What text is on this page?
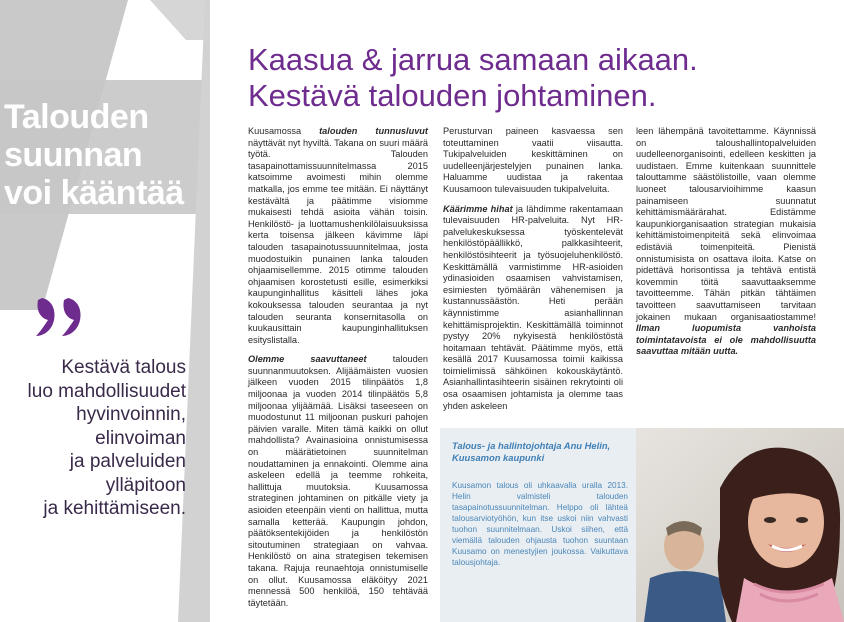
Talouden
suunnan
voi kääntää
Kestävä talous
luo mahdollisuudet
hyvinvoinnin,
elinvoiman
ja palveluiden
ylläpitoon
ja kehittämiseen.
Kaasua & jarrua samaan aikaan.
Kestävä talouden johtaminen.

Kuusamossa talouden tunnusluvut näyttävät nyt hyviltä. Takana on suuri määrä työtä. Talouden tasapainottamissuunnitelmassa 2015 katsoimme avoimesti mihin olemme matkalla, jos emme tee mitään. Ei näyttänyt kestävältä ja päätimme visiomme mukaisesti tehdä asioita vähän toisin. Henkilöstö- ja luottamushenkilölaisuuksissa kerta toisensa jälkeen kävimme läpi talouden tasapainotussuunnitelmaa, josta muodostuikin punainen lanka talouden ohjaamisellemme. 2015 otimme talouden ohjaamisen korostetusti esille, esimerkiksi kaupunginhallitus käsitteli lähes joka kokouksessa talouden seurantaa ja nyt talouden seuranta konsernitasolla on kuukausittain kaupunginhallituksen esityslistalla.

Olemme saavuttaneet talouden suunnanmuutoksen. Alijäämäisten vuosien jälkeen vuoden 2015 tilinpäätös 1,8 miljoonaa ja vuoden 2014 tilinpäätös 5,8 miljoonaa ylijäämää. Lisäksi taseeseen on muodostunut 11 miljoonan puskuri pahojen päivien varalle. Miten tämä kaikki on ollut mahdollista? Avainasioina onnistumisessa on määrätietoinen suunnitelman noudattaminen ja ennakointi. Olemme aina askeleen edellä ja teemme rohkeita, hallittuja muutoksia. Kuusamossa strateginen johtaminen on pitkälle viety ja asioiden eteenpäin vienti on hallittua, mutta samalla ketterää. Kaupungin johdon, päätöksentekijöiden ja henkilöstön sitoutuminen strategiaan on vahvaa. Henkilöstö on aina strategisen tekemisen takana. Rajuja reunaehtoja onnistumiselle on ollut. Kuusamossa eläköityy 2021 mennessä 500 henkilöä, 150 tehtävää täytetään.

Perusturvan paineen kasvaessa sen toteuttaminen vaatii viisautta. Tukipalveluiden keskittäminen on uudelleenjärjestelyjen punainen lanka. Haluamme uudistaa ja rakentaa Kuusamoon tulevaisuuden tukipalveluita.

Käärimme hihat ja lähdimme rakentamaan tulevaisuuden HR-palveluita. Nyt HR-palvelukeskuksessa työskentelevät henkilöstöpäällikkö, palkkasihteerit, henkilöstösihteerit ja työsuojeluhenkilöstö. Keskittämällä varmistimme HR-asioiden ydinasioiden osaamisen vahvistamisen, esimiesten työmäärän vähenemisen ja kustannussäästön. Heti perään käynnistimme asianhallinnan kehittämisprojektin. Keskittämällä toiminnot pystyy 20% nykyisestä henkilöstöstä hoitamaan tehtävät. Päätimme myös, että kesällä 2017 Kuusamossa toimii kaikissa toimielimissä sähköinen kokouskäytäntö. Asianhallintasihteerin sisäinen rekrytointi oli osa osaamisen johtamista ja olemme taas yhden askeleen

leen lähempänä tavoitettamme. Käynnissä on taloushallintopalveluiden uudelleenorganisointi, edelleen keskitten ja uudistaen. Emme kuitenkaan suunnittele talouttamme säästölistoille, vaan olemme luoneet talousarvioihimme kaasun painamiseen suunnatut kehittämismäärärahat. Edistämme kaupunkiorganisaation strategian mukaisia kehittämistoimenpiteitä sekä elinvoimaa edistäviä toimenpiteitä. Pienistä onnistumisista on osattava iloita. Katse on pidettävä horisontissa ja tehtävä entistä kovemmin töitä saavuttaaksemme tavoitteemme. Tähän pitkän tähtäimen tavoitteen saavuttamiseen tarvitaan jokainen mukaan organisaatiostamme! Ilman luopumista vanhoista toimintatavoista ei ole mahdollisuutta saavuttaa mitään uutta.

Talous- ja hallintojohtaja Anu Helin, Kuusamon kaupunki
Kuusamon talous oli uhkaavalla uralla 2013. Helin valmisteli talouden tasapainotussuunnitelman. Helppo oli lähteä talousarviotyöhön, kun itse uskoi niin vahvasti tuohon suunnitelmaan. Uskoi siihen, että viemällä talouden ohjausta tuohon suuntaan Kuusamo on menestyjien joukossa. Vaikuttava talousjohtaja.
